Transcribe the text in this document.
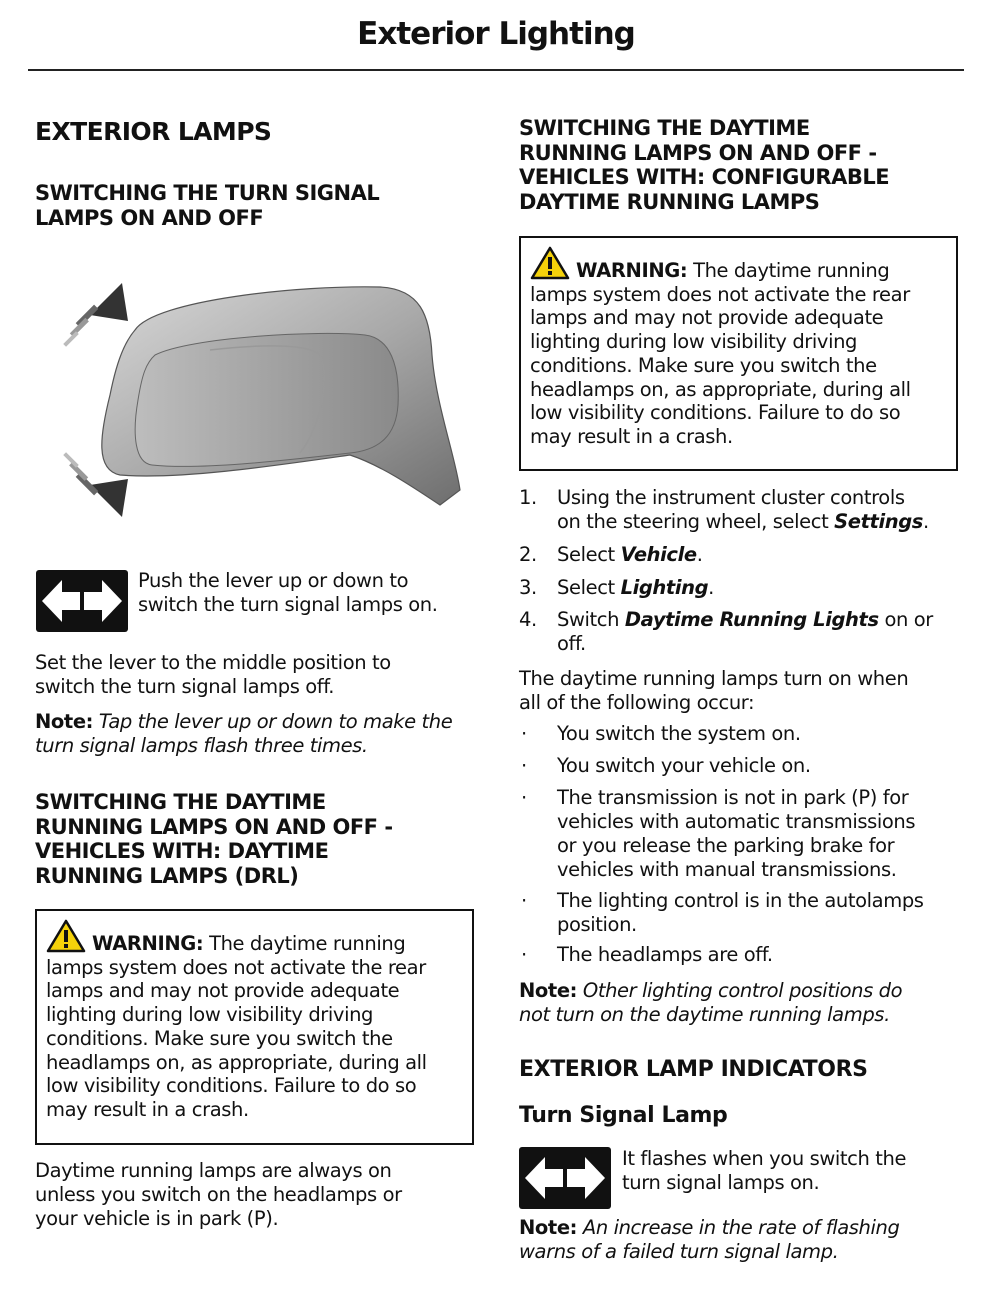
Exterior Lighting
EXTERIOR LAMPS
SWITCHING THE TURN SIGNAL
LAMPS ON AND OFF
Push the lever up or down to
switch the turn signal lamps on.
Set the lever to the middle position to
switch the turn signal lamps off.
Note: Tap the lever up or down to make the
turn signal lamps flash three times.
SWITCHING THE DAYTIME
RUNNING LAMPS ON AND OFF -
VEHICLES WITH: DAYTIME
RUNNING LAMPS (DRL)
WARNING: The daytime running
lamps system does not activate the rear
lamps and may not provide adequate
lighting during low visibility driving
conditions. Make sure you switch the
headlamps on, as appropriate, during all
low visibility conditions. Failure to do so
may result in a crash.
Daytime running lamps are always on
unless you switch on the headlamps or
your vehicle is in park (P).
SWITCHING THE DAYTIME
RUNNING LAMPS ON AND OFF -
VEHICLES WITH: CONFIGURABLE
DAYTIME RUNNING LAMPS
WARNING: The daytime running
lamps system does not activate the rear
lamps and may not provide adequate
lighting during low visibility driving
conditions. Make sure you switch the
headlamps on, as appropriate, during all
low visibility conditions. Failure to do so
may result in a crash.
1.	Using the instrument cluster controls
on the steering wheel, select Settings.
2.	Select Vehicle.
3.	Select Lighting.
4.	Switch Daytime Running Lights on or
off.
The daytime running lamps turn on when
all of the following occur:
· You switch the system on.
· You switch your vehicle on.
· The transmission is not in park (P) for
vehicles with automatic transmissions
or you release the parking brake for
vehicles with manual transmissions.
· The lighting control is in the autolamps
position.
· The headlamps are off.
Note: Other lighting control positions do
not turn on the daytime running lamps.
EXTERIOR LAMP INDICATORS
Turn Signal Lamp
It flashes when you switch the
turn signal lamps on.
Note: An increase in the rate of flashing
warns of a failed turn signal lamp.
